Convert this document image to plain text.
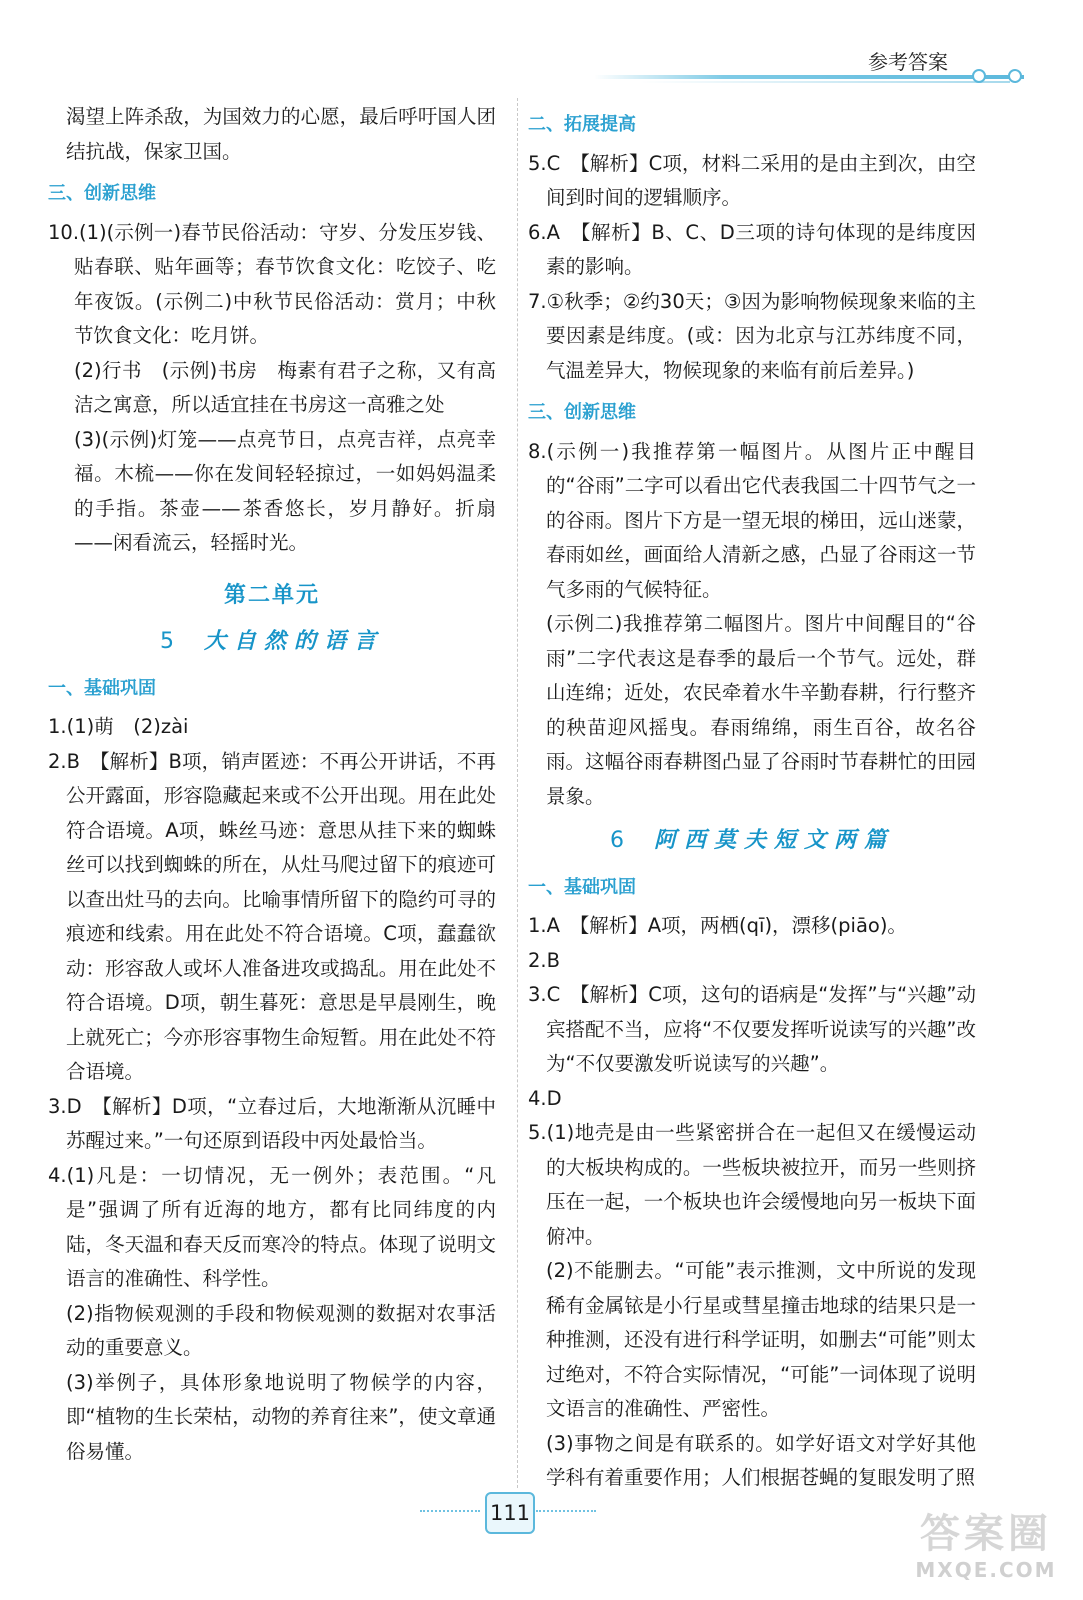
参考答案

渴望上阵杀敌，为国效力的心愿，最后呼吁国人团结抗战，保家卫国。

三、创新思维

10.(1)(示例一)春节民俗活动：守岁、分发压岁钱、贴春联、贴年画等；春节饮食文化：吃饺子、吃年夜饭。(示例二)中秋节民俗活动：赏月；中秋节饮食文化：吃月饼。

(2)行书　(示例)书房　梅素有君子之称，又有高洁之寓意，所以适宜挂在书房这一高雅之处

(3)(示例)灯笼——点亮节日，点亮吉祥，点亮幸福。木梳——你在发间轻轻掠过，一如妈妈温柔的手指。茶壶——茶香悠长，岁月静好。折扇——闲看流云，轻摇时光。

第二单元
5 大自然的语言
一、基础巩固

1.(1)萌　(2)zài

2.B　【解析】B项，销声匿迹：不再公开讲话，不再公开露面，形容隐藏起来或不公开出现。用在此处符合语境。A项，蛛丝马迹：意思从挂下来的蜘蛛丝可以找到蜘蛛的所在，从灶马爬过留下的痕迹可以查出灶马的去向。比喻事情所留下的隐约可寻的痕迹和线索。用在此处不符合语境。C项，蠢蠢欲动：形容敌人或坏人准备进攻或捣乱。用在此处不符合语境。D项，朝生暮死：意思是早晨刚生，晚上就死亡；今亦形容事物生命短暂。用在此处不符合语境。

3.D　【解析】D项，“立春过后，大地渐渐从沉睡中苏醒过来。”一句还原到语段中丙处最恰当。

4.(1)凡是：一切情况，无一例外；表范围。“凡是”强调了所有近海的地方，都有比同纬度的内陆，冬天温和春天反而寒冷的特点。体现了说明文语言的准确性、科学性。

(2)指物候观测的手段和物候观测的数据对农事活动的重要意义。

(3)举例子，具体形象地说明了物候学的内容，即“植物的生长荣枯，动物的养育往来”，使文章通俗易懂。

二、拓展提高

5.C　【解析】C项，材料二采用的是由主到次，由空间到时间的逻辑顺序。

6.A　【解析】B、C、D三项的诗句体现的是纬度因素的影响。

7.①秋季；②约30天；③因为影响物候现象来临的主要因素是纬度。(或：因为北京与江苏纬度不同，气温差异大，物候现象的来临有前后差异。)

三、创新思维

8.(示例一)我推荐第一幅图片。从图片正中醒目的“谷雨”二字可以看出它代表我国二十四节气之一的谷雨。图片下方是一望无垠的梯田，远山迷蒙，春雨如丝，画面给人清新之感，凸显了谷雨这一节气多雨的气候特征。

(示例二)我推荐第二幅图片。图片中间醒目的“谷雨”二字代表这是春季的最后一个节气。远处，群山连绵；近处，农民牵着水牛辛勤春耕，行行整齐的秧苗迎风摇曳。春雨绵绵，雨生百谷，故名谷雨。这幅谷雨春耕图凸显了谷雨时节春耕忙的田园景象。

6 阿西莫夫短文两篇
一、基础巩固

1.A　【解析】A项，两栖(qī)，漂移(piāo)。

2.B

3.C　【解析】C项，这句的语病是“发挥”与“兴趣”动宾搭配不当，应将“不仅要发挥听说读写的兴趣”改为“不仅要激发听说读写的兴趣”。

4.D

5.(1)地壳是由一些紧密拼合在一起但又在缓慢运动的大板块构成的。一些板块被拉开，而另一些则挤压在一起，一个板块也许会缓慢地向另一板块下面俯冲。

(2)不能删去。“可能”表示推测，文中所说的发现稀有金属铱是小行星或彗星撞击地球的结果只是一种推测，还没有进行科学证明，如删去“可能”则太过绝对，不符合实际情况，“可能”一词体现了说明文语言的准确性、严密性。

(3)事物之间是有联系的。如学好语文对学好其他学科有着重要作用；人们根据苍蝇的复眼发明了照

111	答案圈
MXQE.COM
